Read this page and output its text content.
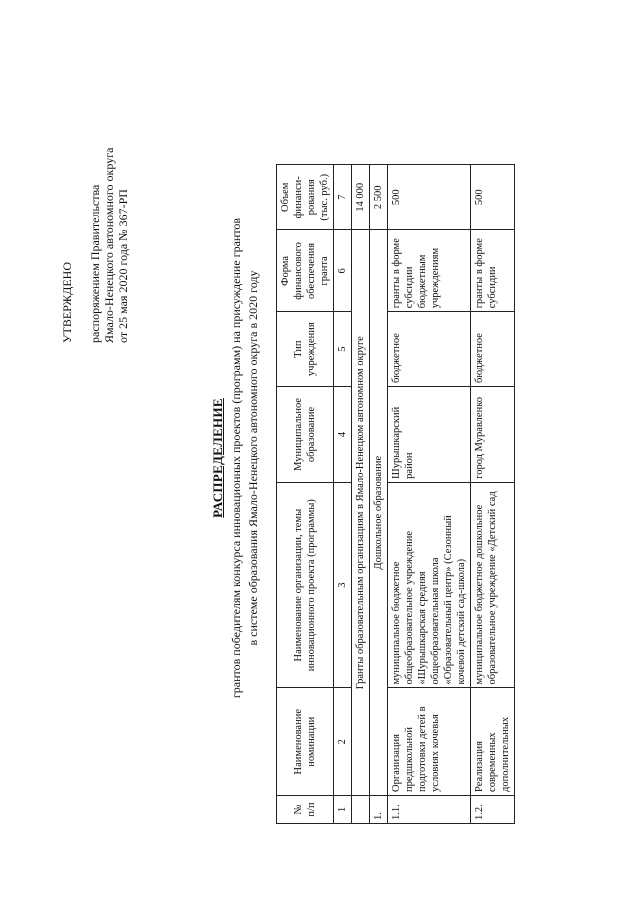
УТВЕРЖДЕНО распоряжением Правительства Ямало-Ненецкого автономного округа от 25 мая 2020 года № 367-РП
РАСПРЕДЕЛЕНИЕ грантов победителям конкурса инновационных проектов (программ) на присуждение грантов в системе образования Ямало-Ненецкого автономного округа в 2020 году
№ п/п	Наименование номинации	Наименование организации, темы инновационного проекта (программы)	Муниципальное образование	Тип учреждения	Форма финансового обеспечения гранта	Объем финанси-рования (тыс. руб.)
1	2	3	4	5	6	7
	Гранты образовательным организациям в Ямало-Ненецком автономном округе					14 000
1.	Дошкольное образование					2 500
1.1.	Организация предшкольной подготовки детей в условиях кочевья	муниципальное бюджетное общеобразовательное учреждение «Шурышкарская средняя общеобразовательная школа «Образовательный центр» (Сезонный кочевой детский сад-школа)	Шурышкарский район	бюджетное	гранты в форме субсидии бюджетным учреждениям	500
1.2.	Реализация современных дополнительных	муниципальное бюджетное дошкольное образовательное учреждение «Детский сад	город Муравленко	бюджетное	гранты в форме субсидии	500
